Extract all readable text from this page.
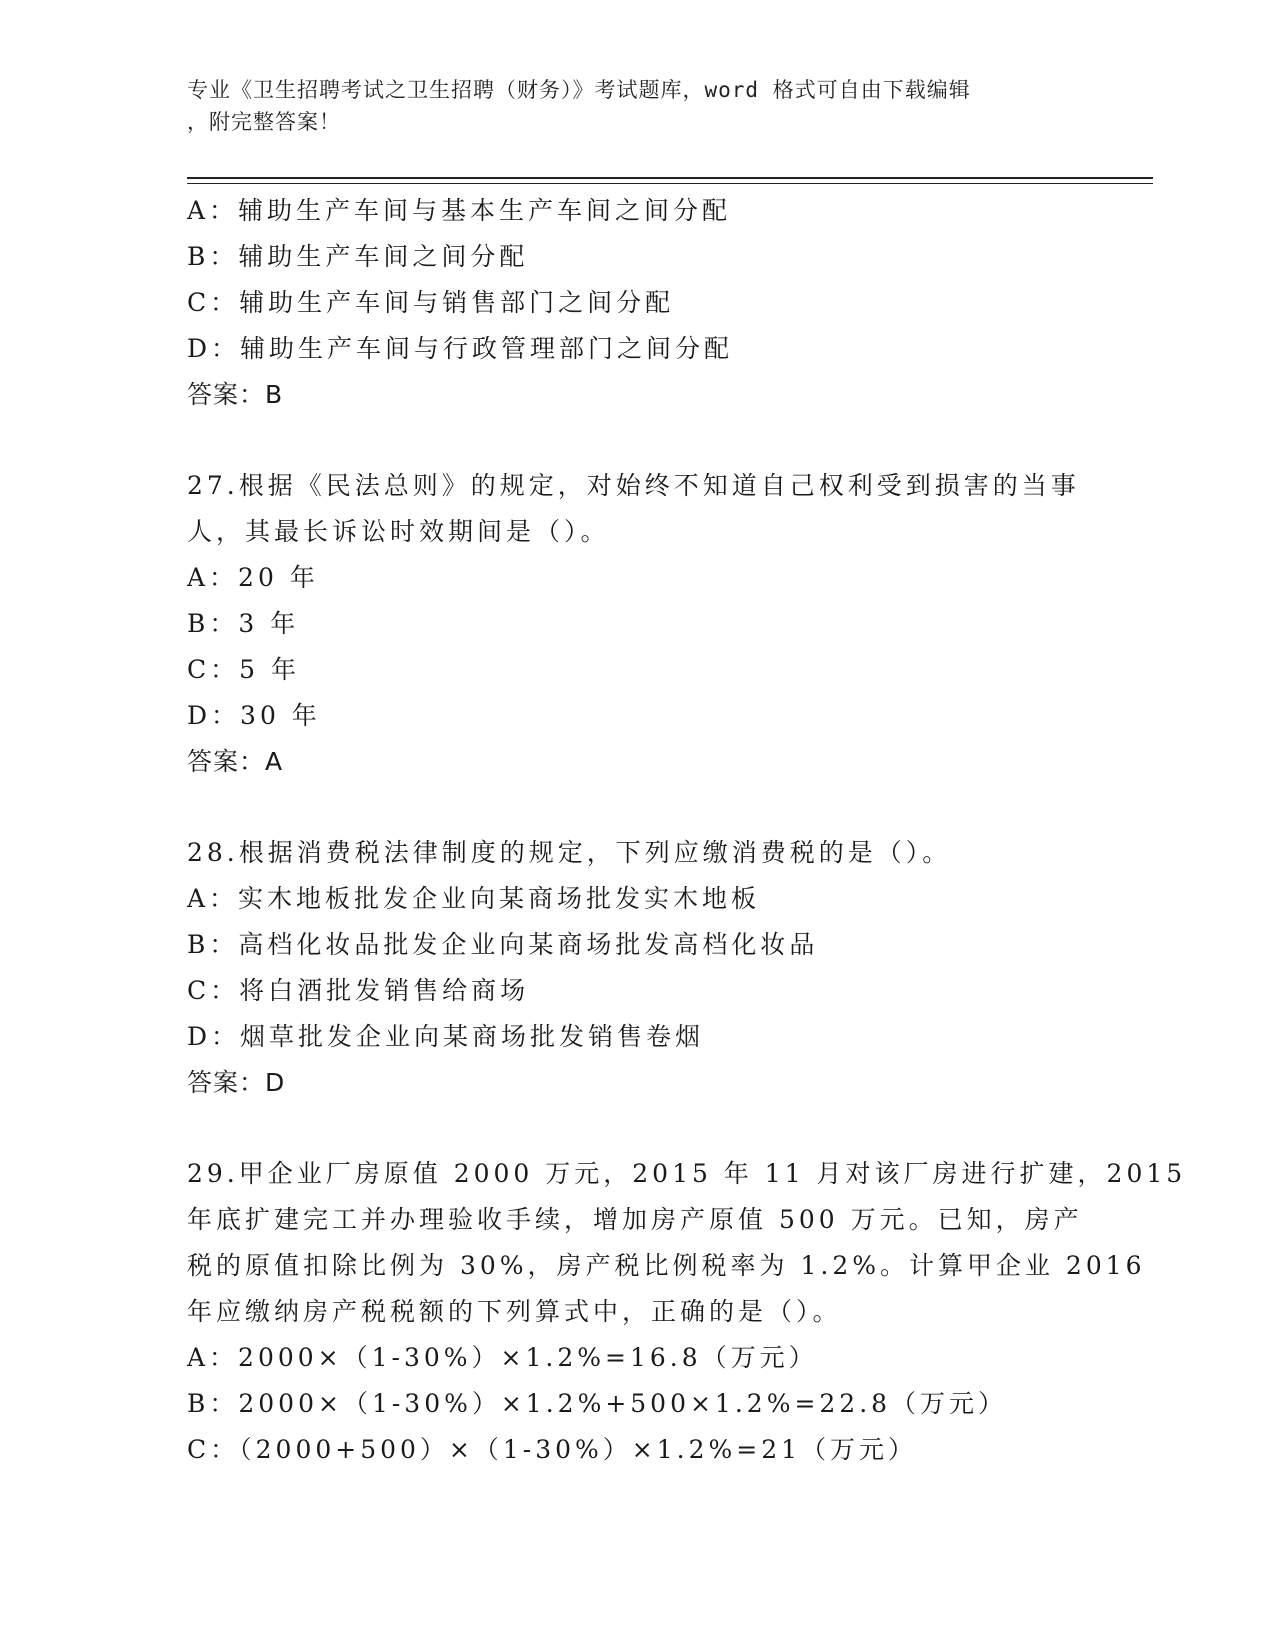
专业《卫生招聘考试之卫生招聘（财务）》考试题库，word 格式可自由下载编辑
，附完整答案！
A：辅助生产车间与基本生产车间之间分配
B：辅助生产车间之间分配
C：辅助生产车间与销售部门之间分配
D：辅助生产车间与行政管理部门之间分配
答案：B
27.根据《民法总则》的规定，对始终不知道自己权利受到损害的当事
人，其最长诉讼时效期间是（）。
A：20 年
B：3 年
C：5 年
D：30 年
答案：A
28.根据消费税法律制度的规定，下列应缴消费税的是（）。
A：实木地板批发企业向某商场批发实木地板
B：高档化妆品批发企业向某商场批发高档化妆品
C：将白酒批发销售给商场
D：烟草批发企业向某商场批发销售卷烟
答案：D
29.甲企业厂房原值 2000 万元，2015 年 11 月对该厂房进行扩建，2015
年底扩建完工并办理验收手续，增加房产原值 500 万元。已知，房产
税的原值扣除比例为 30%，房产税比例税率为 1.2%。计算甲企业 2016
年应缴纳房产税税额的下列算式中，正确的是（）。
A：2000×（1-30%）×1.2%=16.8（万元）
B：2000×（1-30%）×1.2%+500×1.2%=22.8（万元）
C：（2000+500）×（1-30%）×1.2%=21（万元）
